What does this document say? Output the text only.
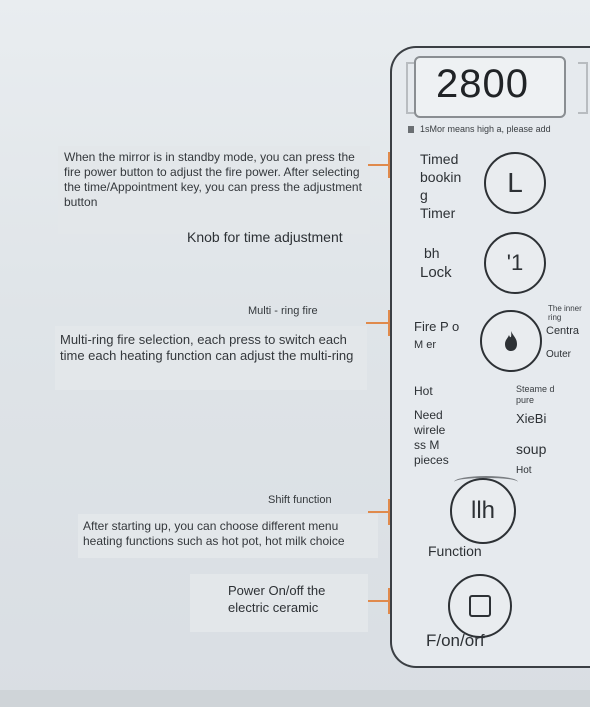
When the mirror is in standby mode, you can press the fire power button to adjust the fire power. After selecting the time/Appointment key, you can press the adjustment button

Knob for time adjustment
Multi - ring fire

Multi-ring fire selection, each press to switch each time each heating function can adjust the multi-ring

Shift function

After starting up, you can choose different menu heating functions such as hot pot, hot milk choice

Power On/off the electric ceramic

2800
1sMor means high a, please add
Timed
bookin
g
Timer
L
bh
Lock	'1
Fire P o
M er
The inner ring
Centra
Outer
Hot
Need
wirele
ss M
pieces
Steame d pure
XieBi
soup
Hot
llh
Function
F/on/orf
